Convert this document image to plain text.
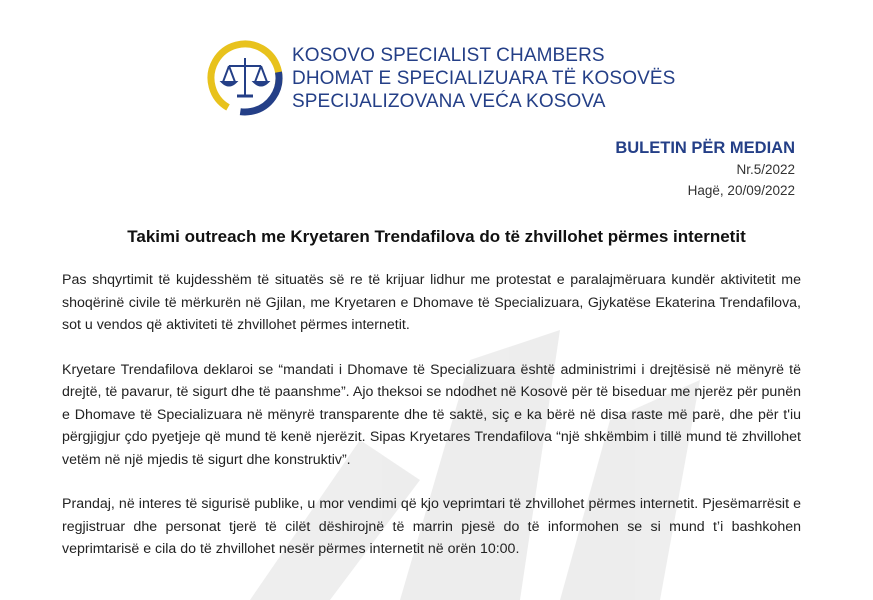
KOSOVO SPECIALIST CHAMBERS
DHOMAT E SPECIALIZUARA TË KOSOVËS
SPECIJALIZOVANA VEĆA KOSOVA
BULETIN PËR MEDIAN
Nr.5/2022
Hagë, 20/09/2022
Takimi outreach me Kryetaren Trendafilova do të zhvillohet përmes internetit

Pas shqyrtimit të kujdesshëm të situatës së re të krijuar lidhur me protestat e paralajmëruara kundër aktivitetit me shoqërinë civile të mërkurën në Gjilan, me Kryetaren e Dhomave të Specializuara, Gjykatëse Ekaterina Trendafilova, sot u vendos që aktiviteti të zhvillohet përmes internetit.

Kryetare Trendafilova deklaroi se “mandati i Dhomave të Specializuara është administrimi i drejtësisë në mënyrë të drejtë, të pavarur, të sigurt dhe të paanshme”. Ajo theksoi se ndodhet në Kosovë për të biseduar me njerëz për punën e Dhomave të Specializuara në mënyrë transparente dhe të saktë, siç e ka bërë në disa raste më parë, dhe për t'iu përgjigjur çdo pyetjeje që mund të kenë njerëzit. Sipas Kryetares Trendafilova “një shkëmbim i tillë mund të zhvillohet vetëm në një mjedis të sigurt dhe konstruktiv”.

Prandaj, në interes të sigurisë publike, u mor vendimi që kjo veprimtari të zhvillohet përmes internetit. Pjesëmarrësit e regjistruar dhe personat tjerë të cilët dëshirojnë të marrin pjesë do të informohen se si mund t’i bashkohen veprimtarisë e cila do të zhvillohet nesër përmes internetit në orën 10:00.
